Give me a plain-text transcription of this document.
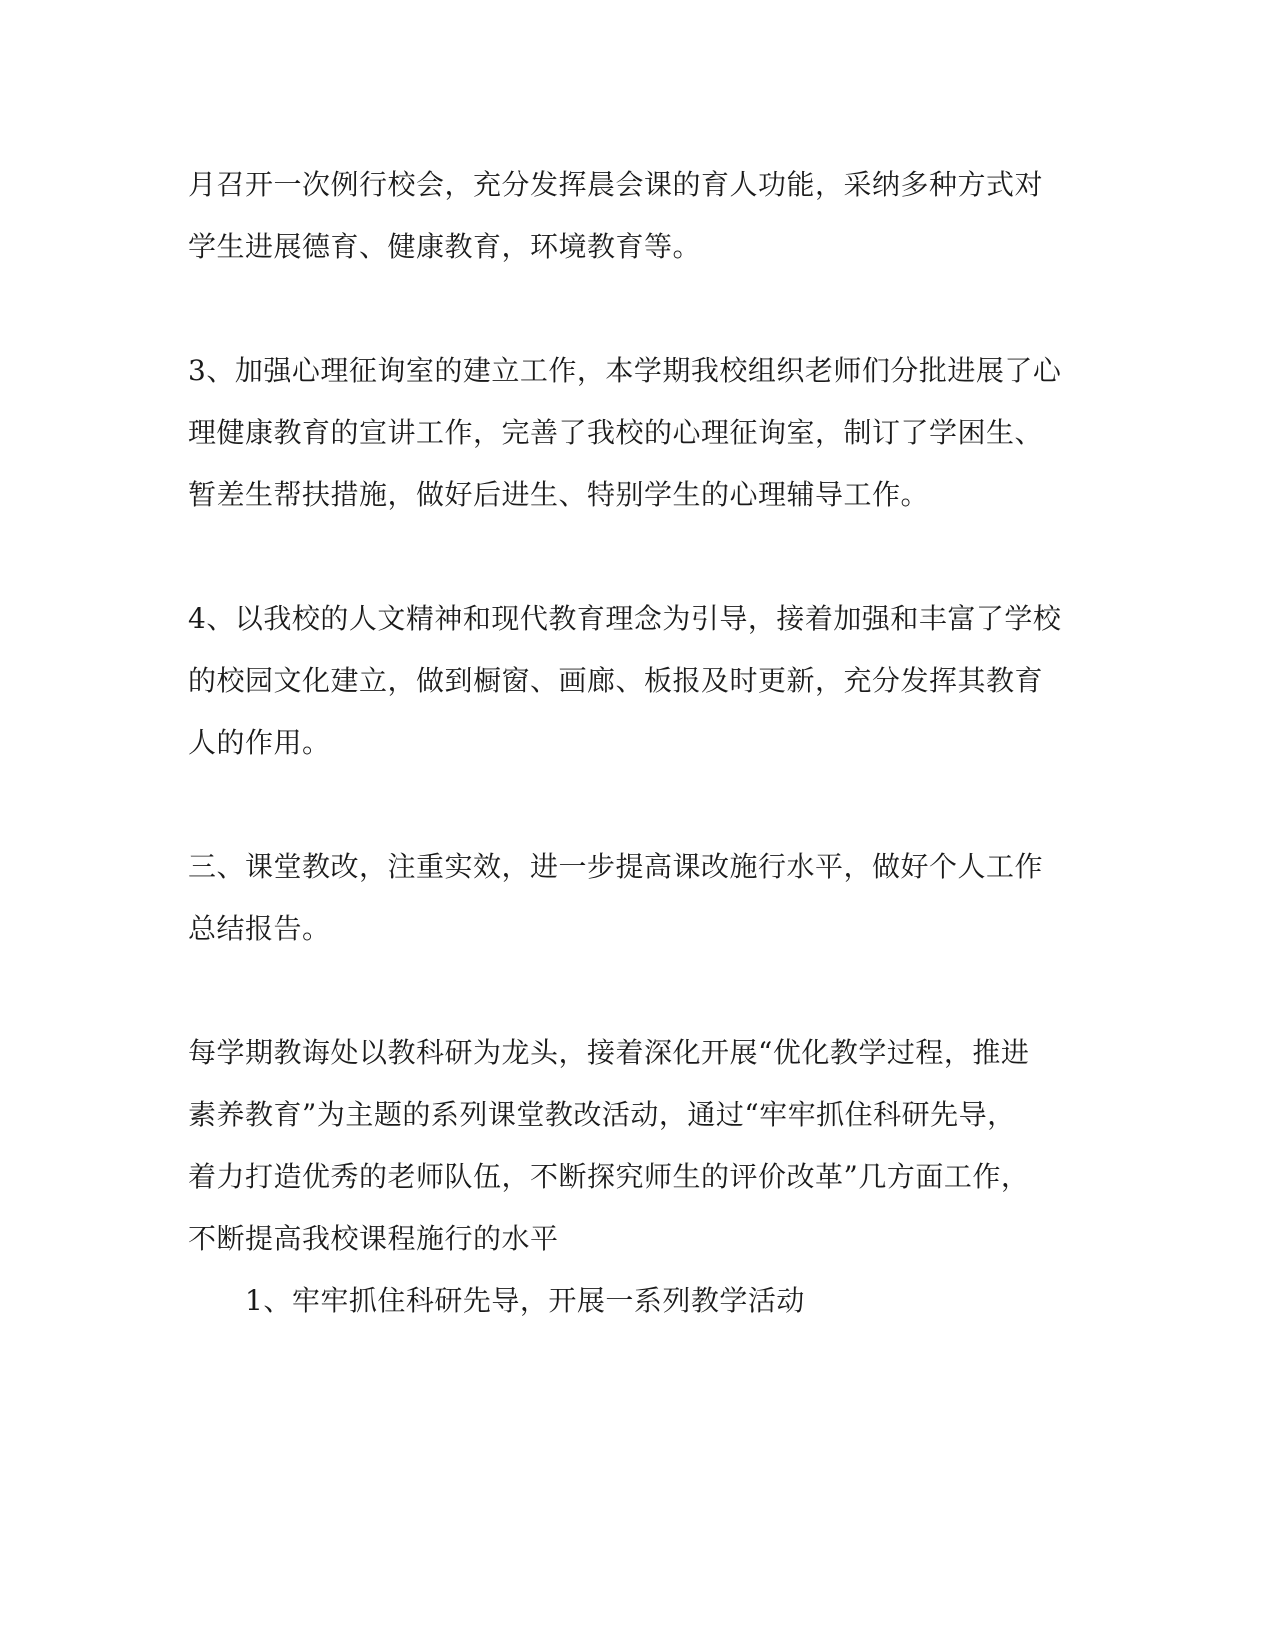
月召开一次例行校会，充分发挥晨会课的育人功能，采纳多种方式对
学生进展德育、健康教育，环境教育等。
3、加强心理征询室的建立工作，本学期我校组织老师们分批进展了心
理健康教育的宣讲工作，完善了我校的心理征询室，制订了学困生、
暂差生帮扶措施，做好后进生、特别学生的心理辅导工作。
4、以我校的人文精神和现代教育理念为引导，接着加强和丰富了学校
的校园文化建立，做到橱窗、画廊、板报及时更新，充分发挥其教育
人的作用。
三、课堂教改，注重实效，进一步提高课改施行水平，做好个人工作
总结报告。
每学期教诲处以教科研为龙头，接着深化开展“优化教学过程，推进
素养教育”为主题的系列课堂教改活动，通过“牢牢抓住科研先导，
着力打造优秀的老师队伍，不断探究师生的评价改革”几方面工作，
不断提高我校课程施行的水平
1、牢牢抓住科研先导，开展一系列教学活动
